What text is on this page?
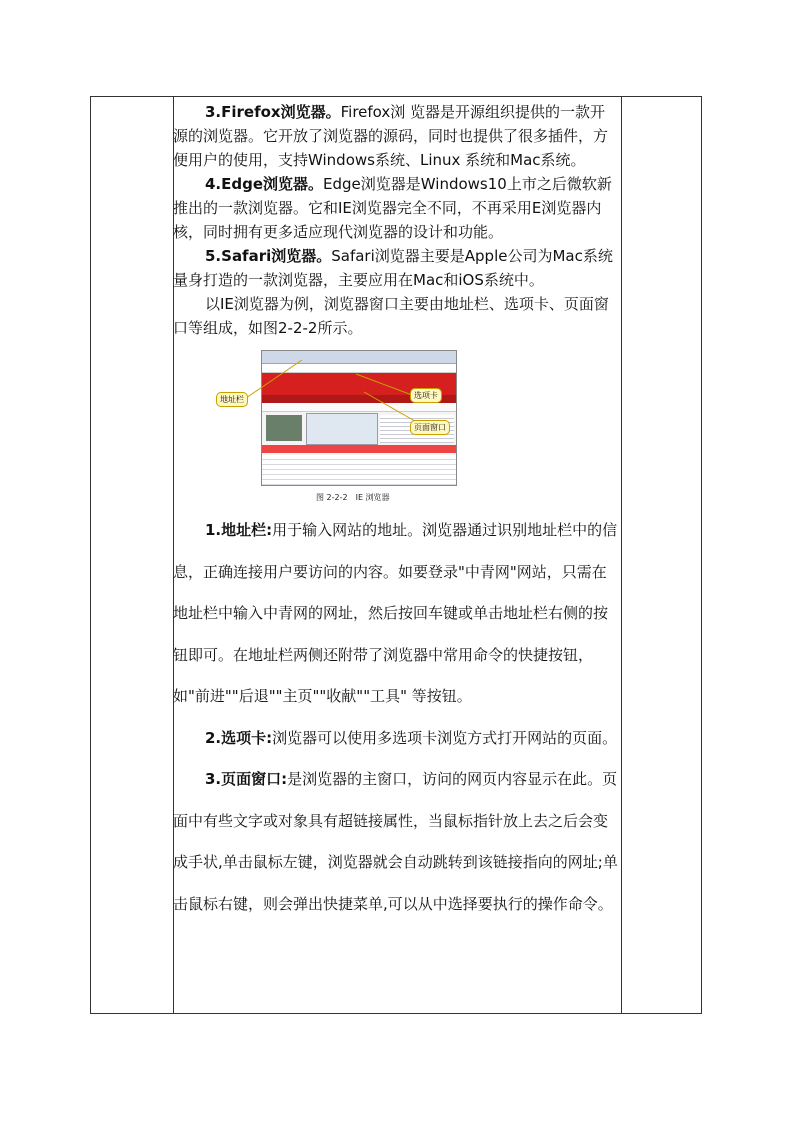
3.Firefox浏览器。Firefox浏 览器是开源组织提供的一款开源的浏览器。它开放了浏览器的源码，同时也提供了很多插件，方便用户的使用，支持Windows系统、Linux 系统和Mac系统。

4.Edge浏览器。Edge浏览器是Windows10上市之后微软新推出的一款浏览器。它和IE浏览器完全不同，不再采用E浏览器内核，同时拥有更多适应现代浏览器的设计和功能。

5.Safari浏览器。Safari浏览器主要是Apple公司为Mac系统量身打造的一款浏览器，主要应用在Mac和iOS系统中。

以IE浏览器为例，浏览器窗口主要由地址栏、选项卡、页面窗口等组成，如图2-2-2所示。

地址栏	选项卡
页面窗口
图 2-2-2　IE 浏览器

1.地址栏:用于输入网站的地址。浏览器通过识别地址栏中的信息，正确连接用户要访问的内容。如要登录"中青网"网站，只需在地址栏中输入中青网的网址，然后按回车键或单击地址栏右侧的按钮即可。在地址栏两侧还附带了浏览器中常用命令的快捷按钮，如"前进""后退""主页""收献""工具" 等按钮。

2.选项卡:浏览器可以使用多选项卡浏览方式打开网站的页面。

3.页面窗口:是浏览器的主窗口，访问的网页内容显示在此。页面中有些文字或对象具有超链接属性，当鼠标指针放上去之后会变成手状,单击鼠标左键，浏览器就会自动跳转到该链接指向的网址;单击鼠标右键，则会弹出快捷菜单,可以从中选择要执行的操作命令。
